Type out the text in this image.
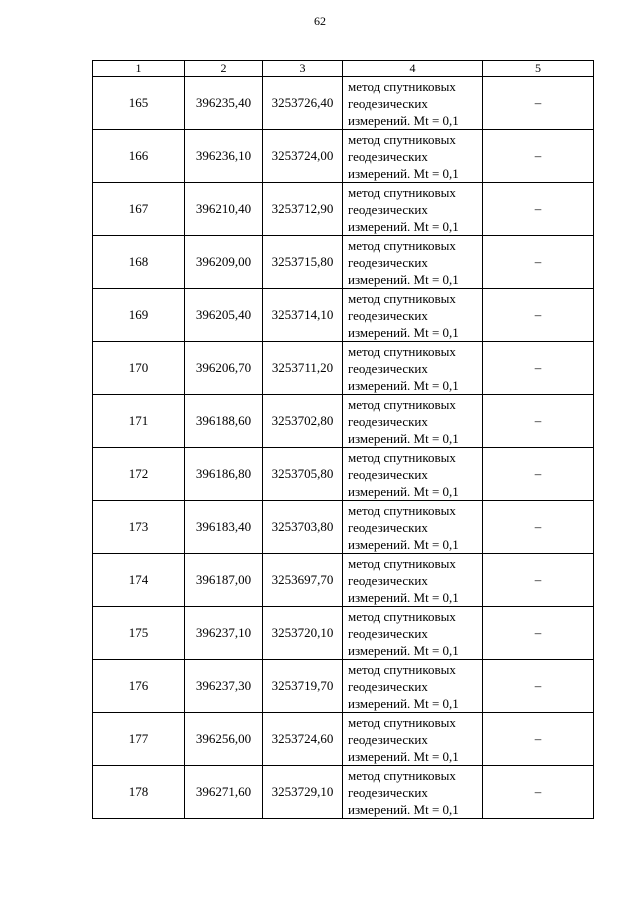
62
1	2	3	4	5
165	396235,40	3253726,40	метод спутниковых
геодезических
измерений. Mt = 0,1	–
166	396236,10	3253724,00	метод спутниковых
геодезических
измерений. Mt = 0,1	–
167	396210,40	3253712,90	метод спутниковых
геодезических
измерений. Mt = 0,1	–
168	396209,00	3253715,80	метод спутниковых
геодезических
измерений. Mt = 0,1	–
169	396205,40	3253714,10	метод спутниковых
геодезических
измерений. Mt = 0,1	–
170	396206,70	3253711,20	метод спутниковых
геодезических
измерений. Mt = 0,1	–
171	396188,60	3253702,80	метод спутниковых
геодезических
измерений. Mt = 0,1	–
172	396186,80	3253705,80	метод спутниковых
геодезических
измерений. Mt = 0,1	–
173	396183,40	3253703,80	метод спутниковых
геодезических
измерений. Mt = 0,1	–
174	396187,00	3253697,70	метод спутниковых
геодезических
измерений. Mt = 0,1	–
175	396237,10	3253720,10	метод спутниковых
геодезических
измерений. Mt = 0,1	–
176	396237,30	3253719,70	метод спутниковых
геодезических
измерений. Mt = 0,1	–
177	396256,00	3253724,60	метод спутниковых
геодезических
измерений. Mt = 0,1	–
178	396271,60	3253729,10	метод спутниковых
геодезических
измерений. Mt = 0,1	–
